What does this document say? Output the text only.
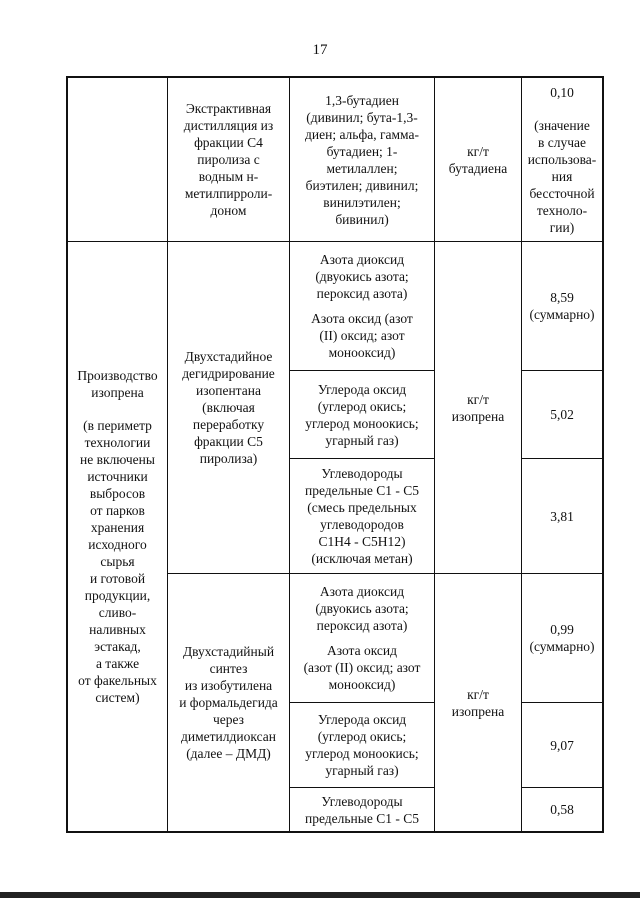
17
Экстрактивная
дистилляция из
фракции С4
пиролиза с
водным н-
метилпирроли-
доном
1,3-бутадиен
(дивинил; бута-1,3-
диен; альфа, гамма-
бутадиен; 1-
метилаллен;
биэтилен; дивинил;
винилэтилен;
бивинил)
кг/т
бутадиена
0,10
(значение
в случае
использова-
ния
бессточной
техноло-
гии)
Производство
изопрена
(в периметр
технологии
не включены
источники
выбросов
от парков
хранения
исходного
сырья
и готовой
продукции,
сливо-
наливных
эстакад,
а также
от факельных
систем)
Двухстадийное
дегидрирование
изопентана
(включая
переработку
фракции С5
пиролиза)
Азота диоксид
(двуокись азота;
пероксид азота)
Азота оксид (азот
(II) оксид; азот
монооксид)
кг/т
изопрена
8,59
(суммарно)
Углерода оксид
(углерод окись;
углерод моноокись;
угарный газ)
5,02
Углеводороды
предельные С1 - С5
(смесь предельных
углеводородов
С1Н4 - С5Н12)
(исключая метан)
3,81
Двухстадийный
синтез
из изобутилена
и формальдегида
через
диметилдиоксан
(далее – ДМД)
Азота диоксид
(двуокись азота;
пероксид азота)
Азота оксид
(азот (II) оксид; азот
монооксид)
кг/т
изопрена
0,99
(суммарно)
Углерода оксид
(углерод окись;
углерод моноокись;
угарный газ)
9,07
Углеводороды
предельные С1 - С5
0,58
